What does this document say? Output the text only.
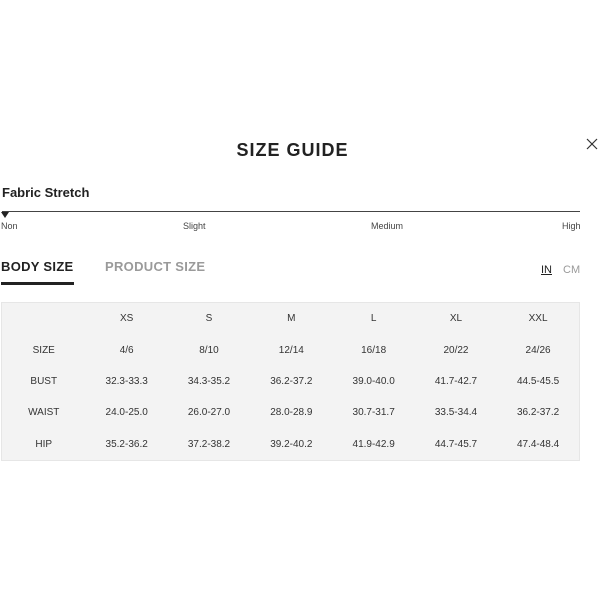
SIZE GUIDE
Fabric Stretch
Non	Slight	Medium	High
BODY SIZE PRODUCT SIZE	IN CM
	XS	S	M	L	XL	XXL
SIZE	4/6	8/10	12/14	16/18	20/22	24/26
BUST	32.3-33.3	34.3-35.2	36.2-37.2	39.0-40.0	41.7-42.7	44.5-45.5
WAIST	24.0-25.0	26.0-27.0	28.0-28.9	30.7-31.7	33.5-34.4	36.2-37.2
HIP	35.2-36.2	37.2-38.2	39.2-40.2	41.9-42.9	44.7-45.7	47.4-48.4
